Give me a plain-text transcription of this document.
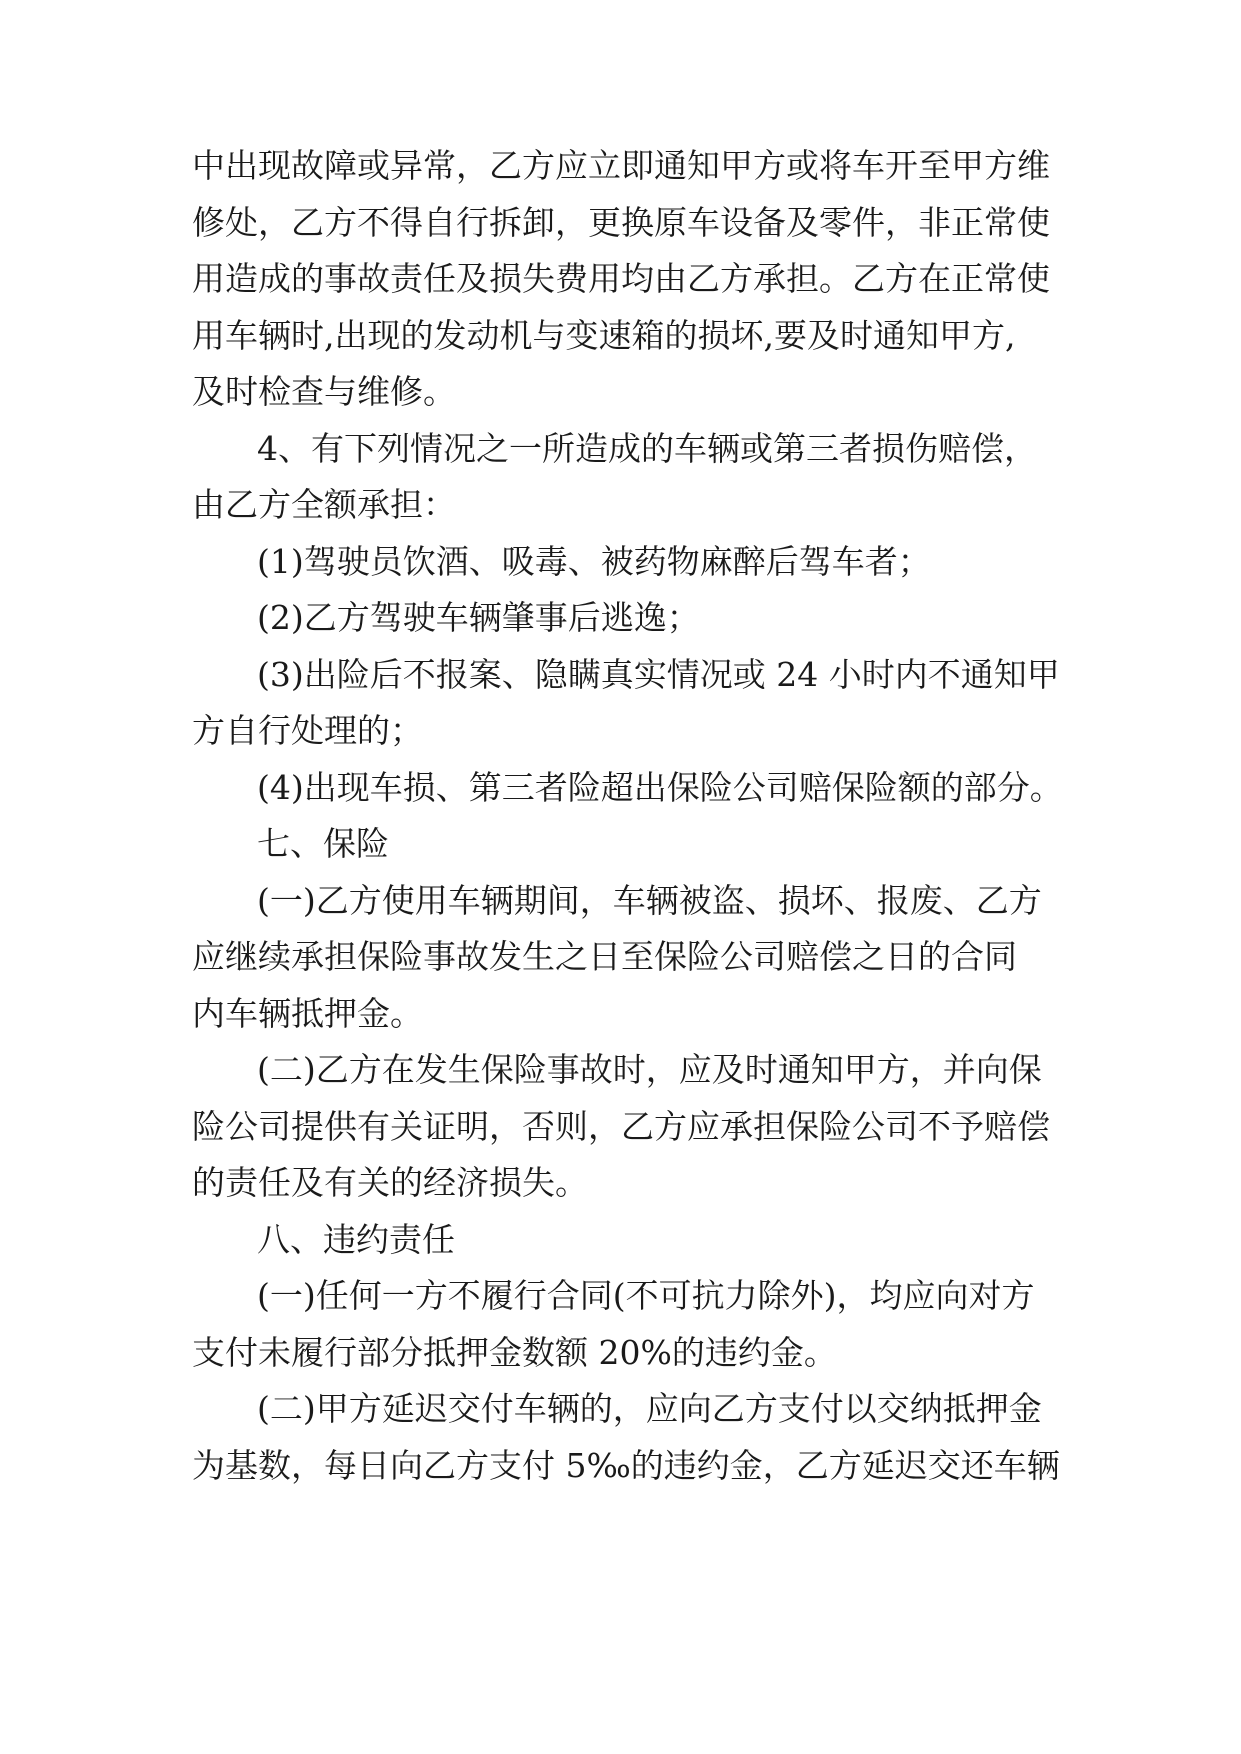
中出现故障或异常，乙方应立即通知甲方或将车开至甲方维
修处，乙方不得自行拆卸，更换原车设备及零件，非正常使
用造成的事故责任及损失费用均由乙方承担。乙方在正常使
用车辆时,出现的发动机与变速箱的损坏,要及时通知甲方,
及时检查与维修。
4、有下列情况之一所造成的车辆或第三者损伤赔偿，
由乙方全额承担：
(1)驾驶员饮酒、吸毒、被药物麻醉后驾车者；
(2)乙方驾驶车辆肇事后逃逸；
(3)出险后不报案、隐瞒真实情况或 24 小时内不通知甲
方自行处理的；
(4)出现车损、第三者险超出保险公司赔保险额的部分。
七、保险
(一)乙方使用车辆期间，车辆被盗、损坏、报废、乙方
应继续承担保险事故发生之日至保险公司赔偿之日的合同
内车辆抵押金。
(二)乙方在发生保险事故时，应及时通知甲方，并向保
险公司提供有关证明，否则，乙方应承担保险公司不予赔偿
的责任及有关的经济损失。
八、违约责任
(一)任何一方不履行合同(不可抗力除外)，均应向对方
支付未履行部分抵押金数额 20%的违约金。
(二)甲方延迟交付车辆的，应向乙方支付以交纳抵押金
为基数，每日向乙方支付 5‰的违约金，乙方延迟交还车辆
